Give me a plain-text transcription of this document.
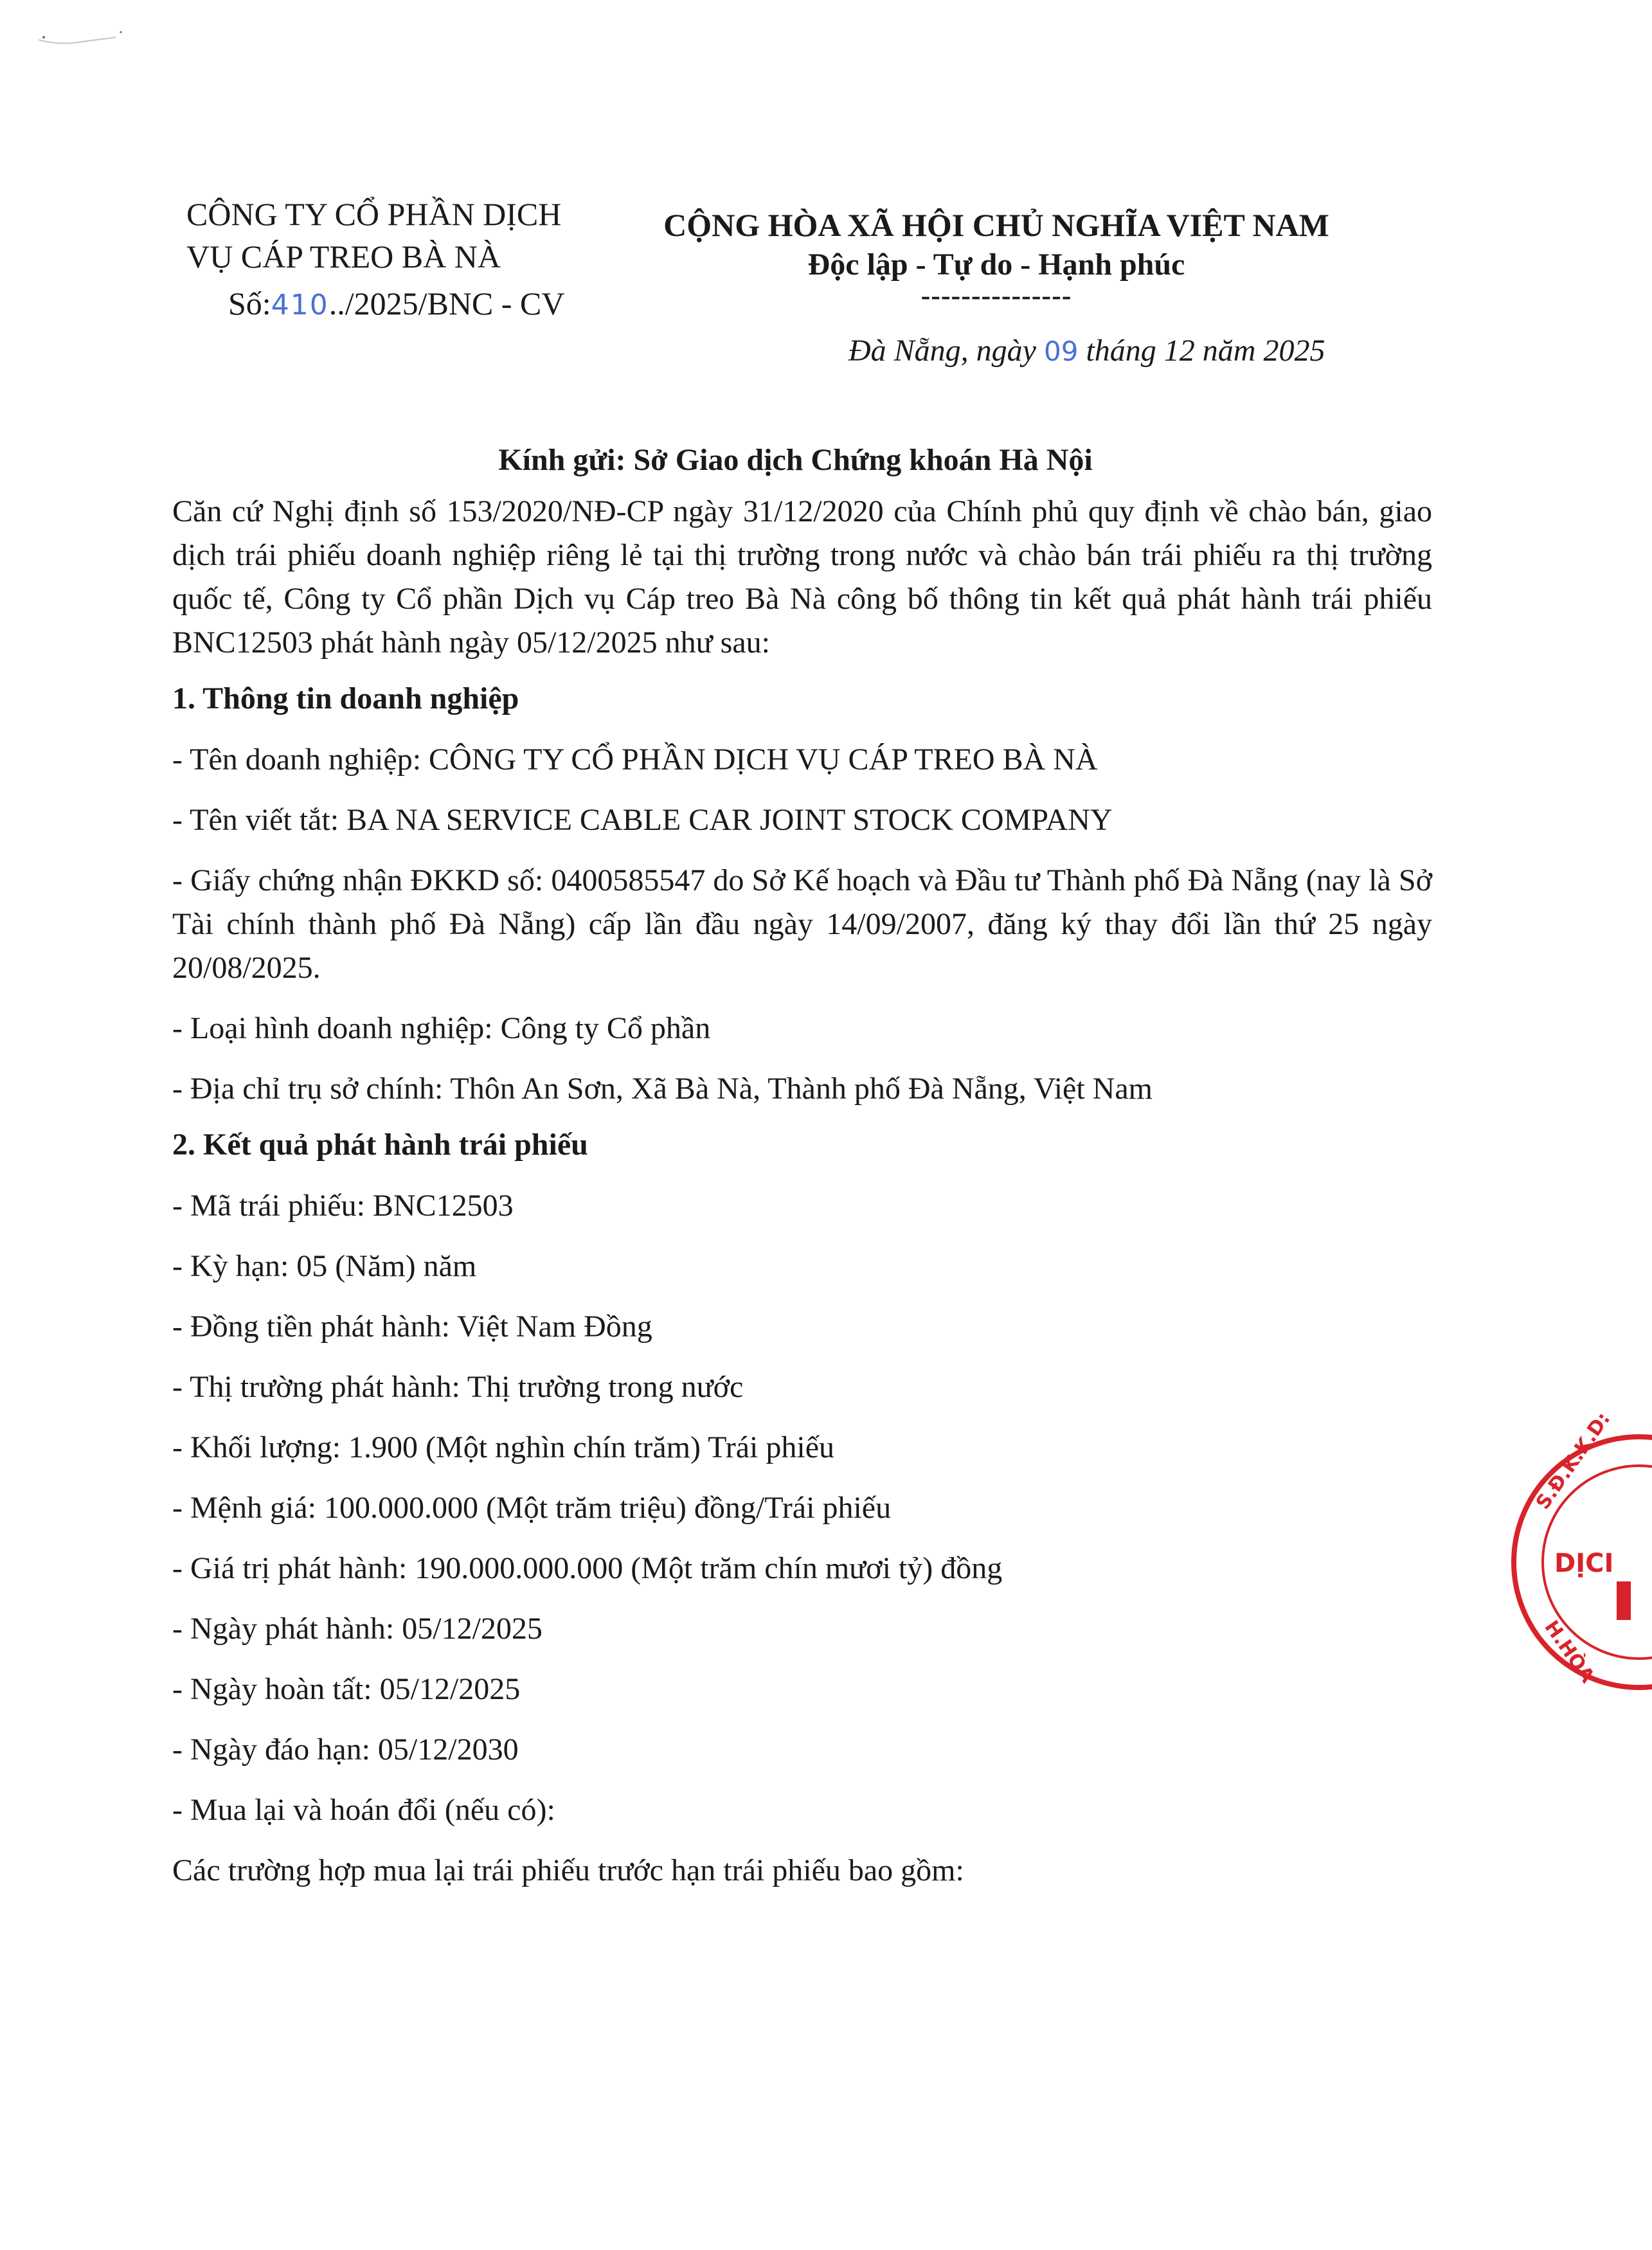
CÔNG TY CỔ PHẦN DỊCH
VỤ CÁP TREO BÀ NÀ
Số:410../2025/BNC - CV
CỘNG HÒA XÃ HỘI CHỦ NGHĨA VIỆT NAM
Độc lập - Tự do - Hạnh phúc
---------------
Đà Nẵng, ngày 09 tháng 12 năm 2025
Kính gửi: Sở Giao dịch Chứng khoán Hà Nội

Căn cứ Nghị định số 153/2020/NĐ-CP ngày 31/12/2020 của Chính phủ quy định về chào bán, giao dịch trái phiếu doanh nghiệp riêng lẻ tại thị trường trong nước và chào bán trái phiếu ra thị trường quốc tế, Công ty Cổ phần Dịch vụ Cáp treo Bà Nà công bố thông tin kết quả phát hành trái phiếu BNC12503 phát hành ngày 05/12/2025 như sau:

1. Thông tin doanh nghiệp
- Tên doanh nghiệp: CÔNG TY CỔ PHẦN DỊCH VỤ CÁP TREO BÀ NÀ
- Tên viết tắt: BA NA SERVICE CABLE CAR JOINT STOCK COMPANY
- Giấy chứng nhận ĐKKD số: 0400585547 do Sở Kế hoạch và Đầu tư Thành phố Đà Nẵng (nay là Sở Tài chính thành phố Đà Nẵng) cấp lần đầu ngày 14/09/2007, đăng ký thay đổi lần thứ 25 ngày 20/08/2025.
- Loại hình doanh nghiệp: Công ty Cổ phần
- Địa chỉ trụ sở chính: Thôn An Sơn, Xã Bà Nà, Thành phố Đà Nẵng, Việt Nam
2. Kết quả phát hành trái phiếu
- Mã trái phiếu: BNC12503
- Kỳ hạn: 05 (Năm) năm
- Đồng tiền phát hành: Việt Nam Đồng
- Thị trường phát hành: Thị trường trong nước
- Khối lượng: 1.900 (Một nghìn chín trăm) Trái phiếu
- Mệnh giá: 100.000.000 (Một trăm triệu) đồng/Trái phiếu
- Giá trị phát hành: 190.000.000.000 (Một trăm chín mươi tỷ) đồng
- Ngày phát hành: 05/12/2025
- Ngày hoàn tất: 05/12/2025
- Ngày đáo hạn: 05/12/2030
- Mua lại và hoán đổi (nếu có):
Các trường hợp mua lại trái phiếu trước hạn trái phiếu bao gồm:
S.Đ.K.K.D:
DỊCI
H.HÒA
